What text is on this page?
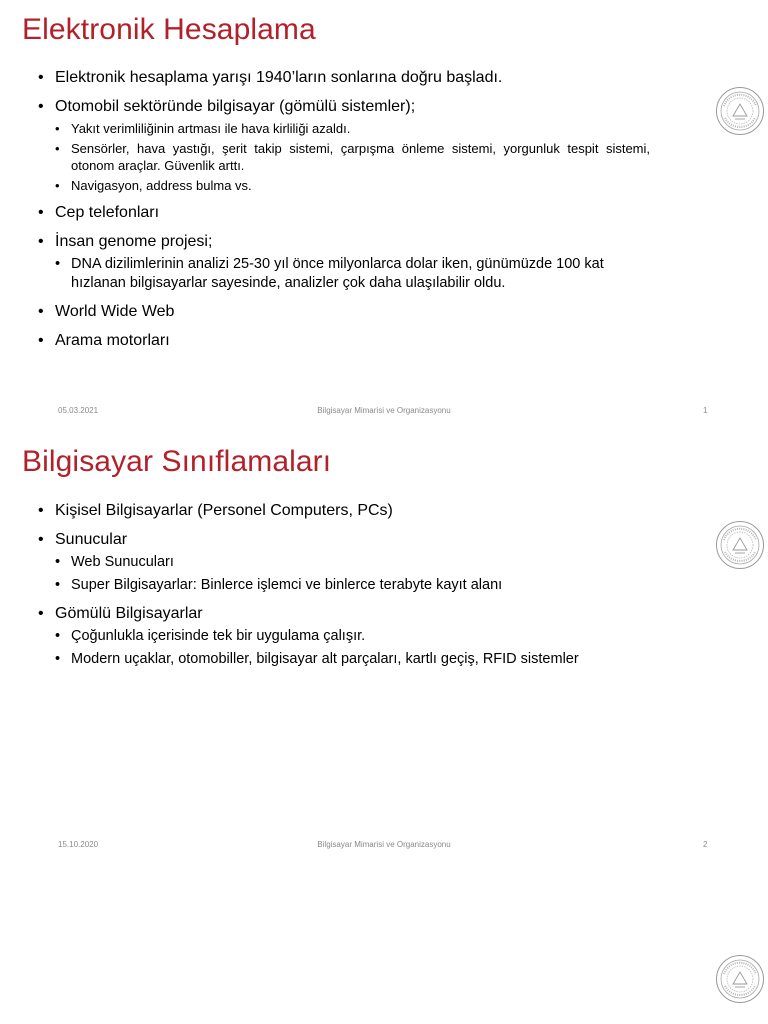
Elektronik Hesaplama
• Elektronik hesaplama yarışı 1940’ların sonlarına doğru başladı.
• Otomobil sektöründe bilgisayar (gömülü sistemler);
• Yakıt verimliliğinin artması ile hava kirliliği azaldı.
• Sensörler, hava yastığı, şerit takip sistemi, çarpışma önleme sistemi, yorgunluk tespit sistemi, otonom araçlar. Güvenlik arttı.
• Navigasyon, address bulma vs.
• Cep telefonları
• İnsan genome projesi;
• DNA dizilimlerinin analizi 25-30 yıl önce milyonlarca dolar iken, günümüzde 100 kat hızlanan bilgisayarlar sayesinde, analizler çok daha ulaşılabilir oldu.
• World Wide Web
• Arama motorları
05.03.2021	Bilgisayar Mimarisi ve Organizasyonu	1
Bilgisayar Sınıflamaları
• Kişisel Bilgisayarlar (Personel Computers, PCs)
• Sunucular
• Web Sunucuları
• Super Bilgisayarlar: Binlerce işlemci ve binlerce terabyte kayıt alanı
• Gömülü Bilgisayarlar
• Çoğunlukla içerisinde tek bir uygulama çalışır.
• Modern uçaklar, otomobiller, bilgisayar alt parçaları, kartlı geçiş, RFID sistemler
15.10.2020	Bilgisayar Mimarisi ve Organizasyonu	2
